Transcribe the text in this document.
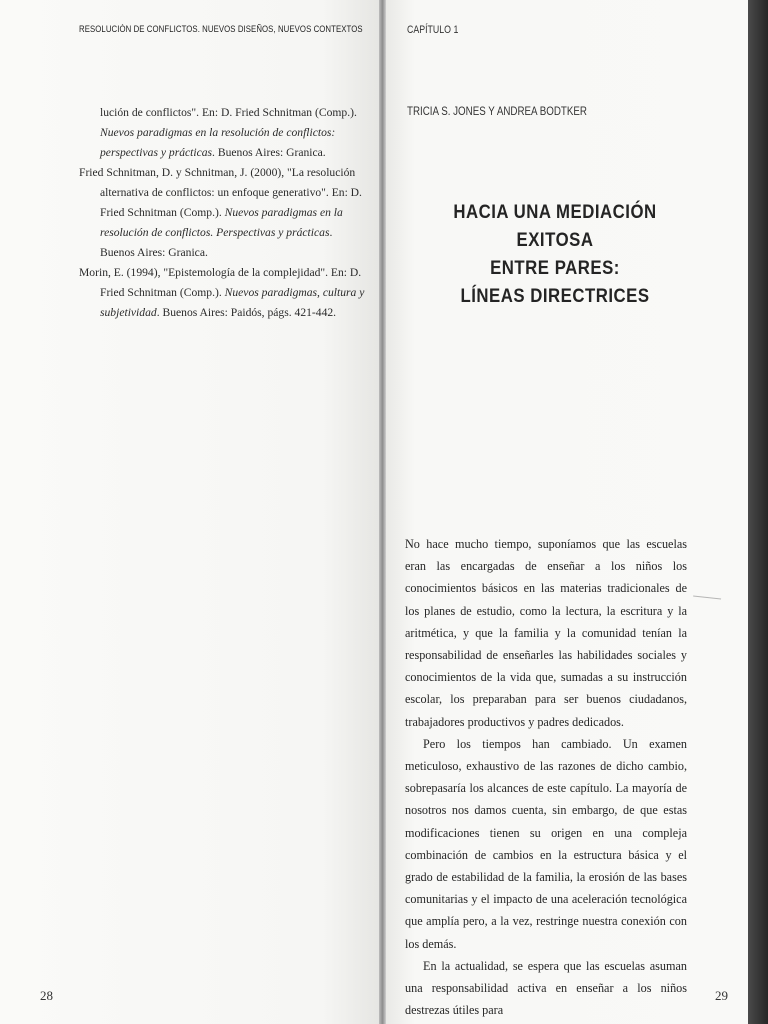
RESOLUCIÓN DE CONFLICTOS. NUEVOS DISEÑOS, NUEVOS CONTEXTOS

lución de conflictos". En: D. Fried Schnitman (Comp.). Nuevos paradigmas en la resolución de conflictos: perspectivas y prácticas. Buenos Aires: Granica.

Fried Schnitman, D. y Schnitman, J. (2000), "La resolución alternativa de conflictos: un enfoque generativo". En: D. Fried Schnitman (Comp.). Nuevos paradigmas en la resolución de conflictos. Perspectivas y prácticas. Buenos Aires: Granica.

Morin, E. (1994), "Epistemología de la complejidad". En: D. Fried Schnitman (Comp.). Nuevos paradigmas, cultura y subjetividad. Buenos Aires: Paidós, págs. 421-442.

28
CAPÍTULO 1
TRICIA S. JONES Y ANDREA BODTKER
HACIA UNA MEDIACIÓN EXITOSA
ENTRE PARES:
LÍNEAS DIRECTRICES

No hace mucho tiempo, suponíamos que las escuelas eran las encargadas de enseñar a los niños los conocimientos básicos en las materias tradicionales de los planes de estudio, como la lectura, la escritura y la aritmética, y que la familia y la comunidad tenían la responsabilidad de enseñarles las habilidades sociales y conocimientos de la vida que, sumadas a su instrucción escolar, los preparaban para ser buenos ciudadanos, trabajadores productivos y padres dedicados.

Pero los tiempos han cambiado. Un examen meticuloso, exhaustivo de las razones de dicho cambio, sobrepasaría los alcances de este capítulo. La mayoría de nosotros nos damos cuenta, sin embargo, de que estas modificaciones tienen su origen en una compleja combinación de cambios en la estructura básica y el grado de estabilidad de la familia, la erosión de las bases comunitarias y el impacto de una aceleración tecnológica que amplía pero, a la vez, restringe nuestra conexión con los demás.

En la actualidad, se espera que las escuelas asuman una responsabilidad activa en enseñar a los niños destrezas útiles para

29
